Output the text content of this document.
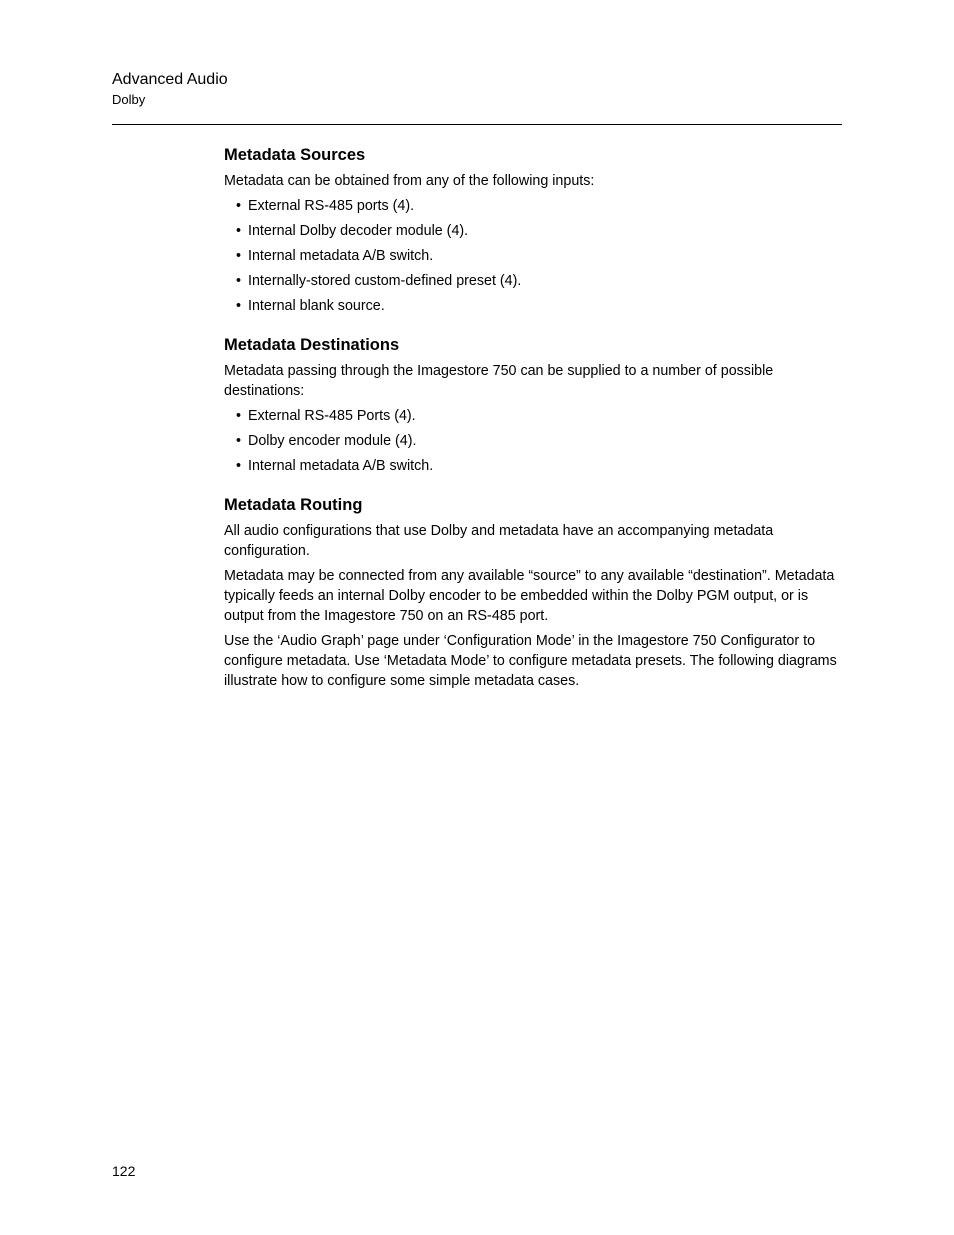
Advanced Audio
Dolby
Metadata Sources

Metadata can be obtained from any of the following inputs:

• External RS-485 ports (4).
• Internal Dolby decoder module (4).
• Internal metadata A/B switch.
• Internally-stored custom-defined preset (4).
• Internal blank source.
Metadata Destinations

Metadata passing through the Imagestore 750 can be supplied to a number of possible destinations:

• External RS-485 Ports (4).
• Dolby encoder module (4).
• Internal metadata A/B switch.
Metadata Routing

All audio configurations that use Dolby and metadata have an accompanying metadata configuration.

Metadata may be connected from any available “source” to any available “destination”. Metadata typically feeds an internal Dolby encoder to be embedded within the Dolby PGM output, or is output from the Imagestore 750 on an RS-485 port.

Use the ‘Audio Graph’ page under ‘Configuration Mode’ in the Imagestore 750 Configurator to configure metadata. Use ‘Metadata Mode’ to configure metadata presets. The following diagrams illustrate how to configure some simple metadata cases.

122
